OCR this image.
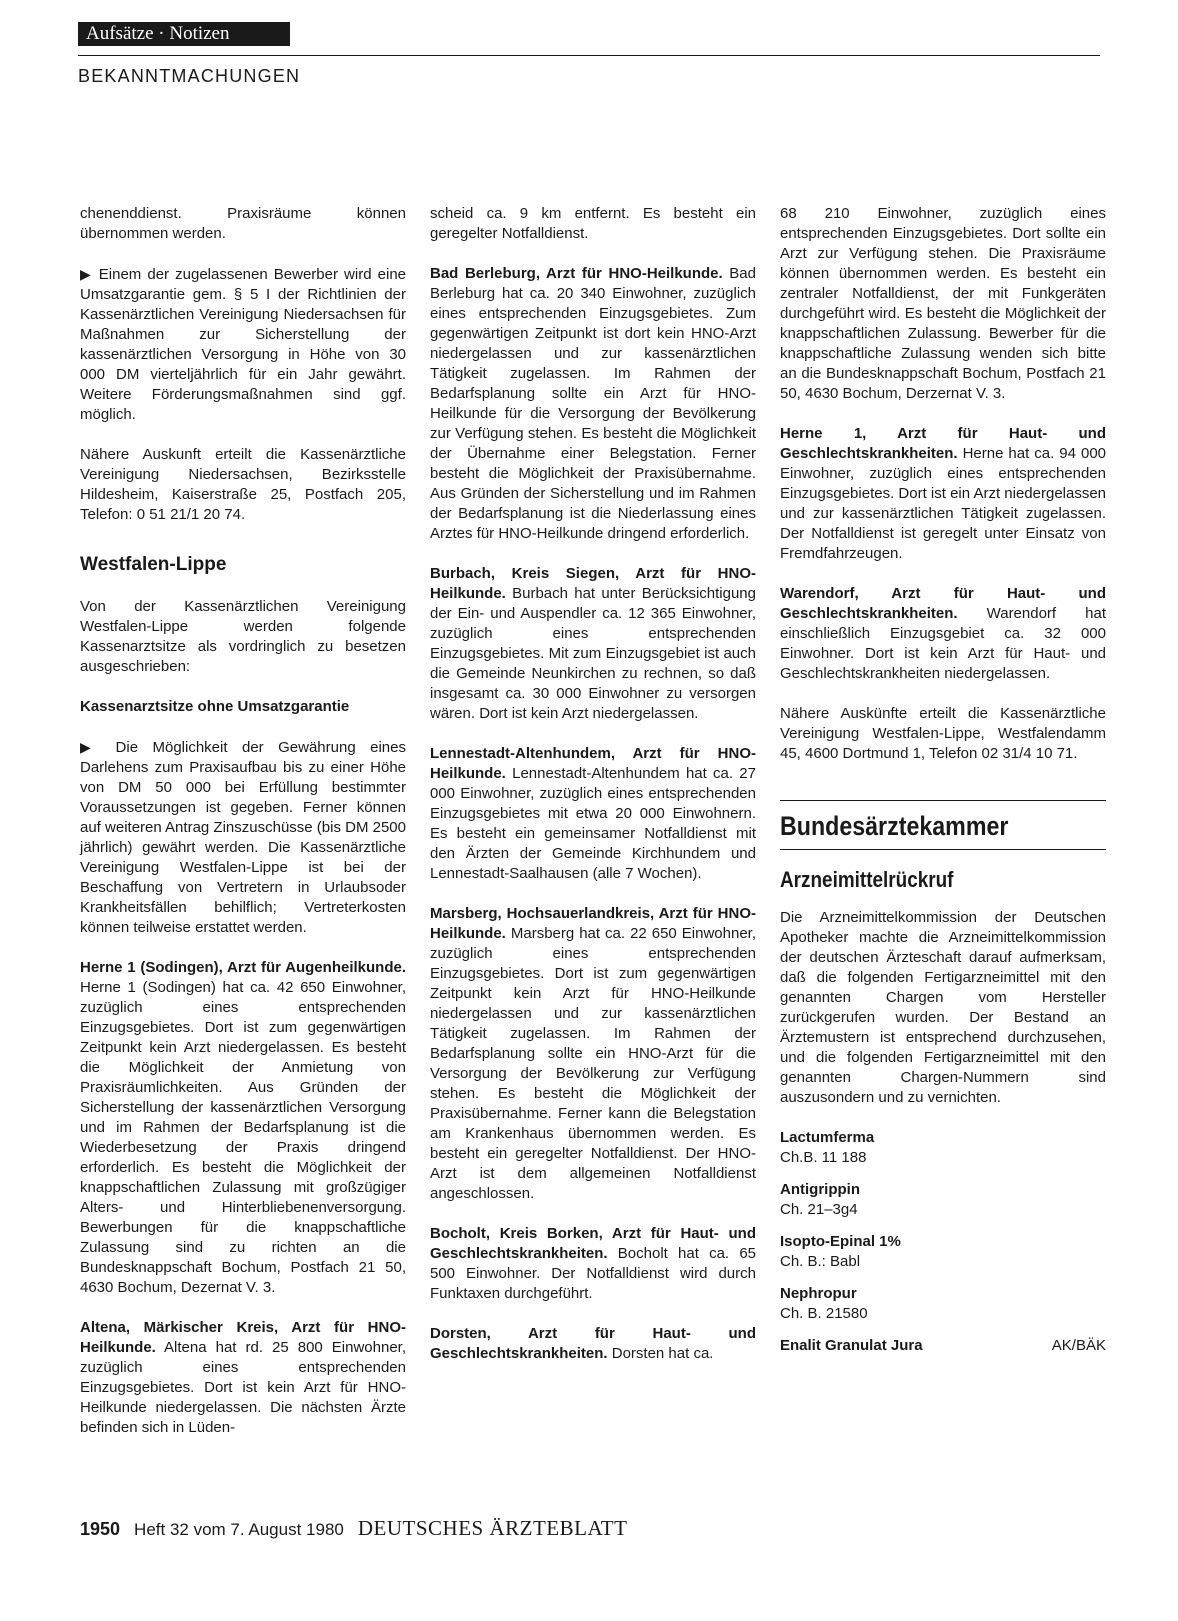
Aufsätze · Notizen
BEKANNTMACHUNGEN

chenenddienst. Praxisräume können übernommen werden.

▶ Einem der zugelassenen Bewerber wird eine Umsatzgarantie gem. § 5 I der Richtlinien der Kassenärztlichen Vereinigung Niedersachsen für Maßnahmen zur Sicherstellung der kassenärztlichen Versorgung in Höhe von 30 000 DM vierteljährlich für ein Jahr gewährt. Weitere Förderungsmaßnahmen sind ggf. möglich.

Nähere Auskunft erteilt die Kassenärztliche Vereinigung Niedersachsen, Bezirksstelle Hildesheim, Kaiserstraße 25, Postfach 205, Telefon: 0 51 21/1 20 74.

Westfalen-Lippe

Von der Kassenärztlichen Vereinigung Westfalen-Lippe werden folgende Kassenarztsitze als vordringlich zu besetzen ausgeschrieben:

Kassenarztsitze ohne Umsatzgarantie

▶ Die Möglichkeit der Gewährung eines Darlehens zum Praxisaufbau bis zu einer Höhe von DM 50 000 bei Erfüllung bestimmter Voraussetzungen ist gegeben. Ferner können auf weiteren Antrag Zinszuschüsse (bis DM 2500 jährlich) gewährt werden. Die Kassenärztliche Vereinigung Westfalen-Lippe ist bei der Beschaffung von Vertretern in Urlaubsoder Krankheitsfällen behilflich; Vertreterkosten können teilweise erstattet werden.

Herne 1 (Sodingen), Arzt für Augenheilkunde. Herne 1 (Sodingen) hat ca. 42 650 Einwohner, zuzüglich eines entsprechenden Einzugsgebietes. Dort ist zum gegenwärtigen Zeitpunkt kein Arzt niedergelassen. Es besteht die Möglichkeit der Anmietung von Praxisräumlichkeiten. Aus Gründen der Sicherstellung der kassenärztlichen Versorgung und im Rahmen der Bedarfsplanung ist die Wiederbesetzung der Praxis dringend erforderlich. Es besteht die Möglichkeit der knappschaftlichen Zulassung mit großzügiger Alters- und Hinterbliebenenversorgung. Bewerbungen für die knappschaftliche Zulassung sind zu richten an die Bundesknappschaft Bochum, Postfach 21 50, 4630 Bochum, Dezernat V. 3.

Altena, Märkischer Kreis, Arzt für HNO-Heilkunde. Altena hat rd. 25 800 Einwohner, zuzüglich eines entsprechenden Einzugsgebietes. Dort ist kein Arzt für HNO-Heilkunde niedergelassen. Die nächsten Ärzte befinden sich in Lüden-

scheid ca. 9 km entfernt. Es besteht ein geregelter Notfalldienst.

Bad Berleburg, Arzt für HNO-Heilkunde. Bad Berleburg hat ca. 20 340 Einwohner, zuzüglich eines entsprechenden Einzugsgebietes. Zum gegenwärtigen Zeitpunkt ist dort kein HNO-Arzt niedergelassen und zur kassenärztlichen Tätigkeit zugelassen. Im Rahmen der Bedarfsplanung sollte ein Arzt für HNO-Heilkunde für die Versorgung der Bevölkerung zur Verfügung stehen. Es besteht die Möglichkeit der Übernahme einer Belegstation. Ferner besteht die Möglichkeit der Praxisübernahme. Aus Gründen der Sicherstellung und im Rahmen der Bedarfsplanung ist die Niederlassung eines Arztes für HNO-Heilkunde dringend erforderlich.

Burbach, Kreis Siegen, Arzt für HNO-Heilkunde. Burbach hat unter Berücksichtigung der Ein- und Auspendler ca. 12 365 Einwohner, zuzüglich eines entsprechenden Einzugsgebietes. Mit zum Einzugsgebiet ist auch die Gemeinde Neunkirchen zu rechnen, so daß insgesamt ca. 30 000 Einwohner zu versorgen wären. Dort ist kein Arzt niedergelassen.

Lennestadt-Altenhundem, Arzt für HNO-Heilkunde. Lennestadt-Altenhundem hat ca. 27 000 Einwohner, zuzüglich eines entsprechenden Einzugsgebietes mit etwa 20 000 Einwohnern. Es besteht ein gemeinsamer Notfalldienst mit den Ärzten der Gemeinde Kirchhundem und Lennestadt-Saalhausen (alle 7 Wochen).

Marsberg, Hochsauerlandkreis, Arzt für HNO-Heilkunde. Marsberg hat ca. 22 650 Einwohner, zuzüglich eines entsprechenden Einzugsgebietes. Dort ist zum gegenwärtigen Zeitpunkt kein Arzt für HNO-Heilkunde niedergelassen und zur kassenärztlichen Tätigkeit zugelassen. Im Rahmen der Bedarfsplanung sollte ein HNO-Arzt für die Versorgung der Bevölkerung zur Verfügung stehen. Es besteht die Möglichkeit der Praxisübernahme. Ferner kann die Belegstation am Krankenhaus übernommen werden. Es besteht ein geregelter Notfalldienst. Der HNO-Arzt ist dem allgemeinen Notfalldienst angeschlossen.

Bocholt, Kreis Borken, Arzt für Haut- und Geschlechtskrankheiten. Bocholt hat ca. 65 500 Einwohner. Der Notfalldienst wird durch Funktaxen durchgeführt.

Dorsten, Arzt für Haut- und Geschlechtskrankheiten. Dorsten hat ca.

68 210 Einwohner, zuzüglich eines entsprechenden Einzugsgebietes. Dort sollte ein Arzt zur Verfügung stehen. Die Praxisräume können übernommen werden. Es besteht ein zentraler Notfalldienst, der mit Funkgeräten durchgeführt wird. Es besteht die Möglichkeit der knappschaftlichen Zulassung. Bewerber für die knappschaftliche Zulassung wenden sich bitte an die Bundesknappschaft Bochum, Postfach 21 50, 4630 Bochum, Derzernat V. 3.

Herne 1, Arzt für Haut- und Geschlechtskrankheiten. Herne hat ca. 94 000 Einwohner, zuzüglich eines entsprechenden Einzugsgebietes. Dort ist ein Arzt niedergelassen und zur kassenärztlichen Tätigkeit zugelassen. Der Notfalldienst ist geregelt unter Einsatz von Fremdfahrzeugen.

Warendorf, Arzt für Haut- und Geschlechtskrankheiten. Warendorf hat einschließlich Einzugsgebiet ca. 32 000 Einwohner. Dort ist kein Arzt für Haut- und Geschlechtskrankheiten niedergelassen.

Nähere Auskünfte erteilt die Kassenärztliche Vereinigung Westfalen-Lippe, Westfalendamm 45, 4600 Dortmund 1, Telefon 02 31/4 10 71.

Bundesärztekammer
Arzneimittelrückruf

Die Arzneimittelkommission der Deutschen Apotheker machte die Arzneimittelkommission der deutschen Ärzteschaft darauf aufmerksam, daß die folgenden Fertigarzneimittel mit den genannten Chargen vom Hersteller zurückgerufen wurden. Der Bestand an Ärztemustern ist entsprechend durchzusehen, und die folgenden Fertigarzneimittel mit den genannten Chargen-Nummern sind auszusondern und zu vernichten.

Lactumferma
Ch.B. 11 188
Antigrippin
Ch. 21–3g4
Isopto-Epinal 1%
Ch. B.: Babl
Nephropur
Ch. B. 21580
Enalit Granulat Jura	AK/BÄK
1950 Heft 32 vom 7. August 1980 DEUTSCHES ÄRZTEBLATT
